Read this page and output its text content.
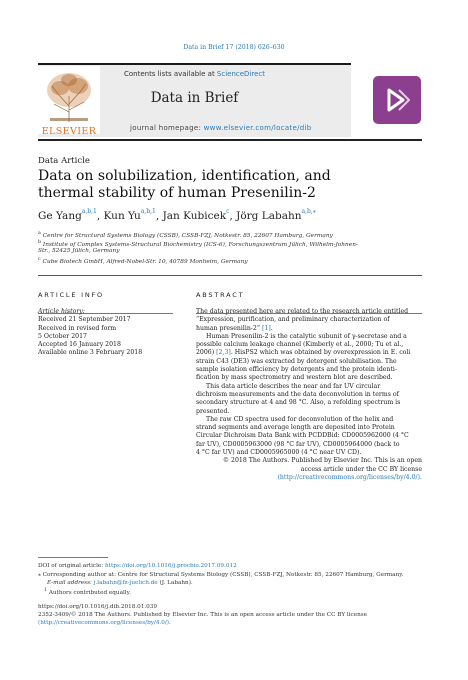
Data in Brief 17 (2018) 626–630
ELSEVIER
Contents lists available at ScienceDirect
Data in Brief
journal homepage: www.elsevier.com/locate/dib
Data Article
Data on solubilization, identification, and
thermal stability of human Presenilin-2
Ge Yang$^{a,b,1}$, Kun Yu$^{a,b,1}$, Jan Kubicek$^c$, Jörg Labahn$^{a,b,⁎}$
$^a$ Centre for Structural Systems Biology (CSSB), CSSB-FZJ, Notkestr. 85, 22607 Hamburg, Germany
$^b$ Institute of Complex Systems-Structural Biochemistry (ICS-6), Forschungszentrum Jülich, Wilhelm-Johnen-
Str., 52425 Jülich, Germany
$^c$ Cube Biotech GmbH, Alfred-Nobel-Str. 10, 40789 Monheim, Germany
ARTICLE INFO
Article history:
Received 21 September 2017
Received in revised form
5 October 2017
Accepted 16 January 2018
Available online 3 February 2018
ABSTRACT

The data presented here are related to the research article entitled

“Expression, purification, and preliminary characterization of

human presenilin-2” [1].

Human Presenilin-2 is the catalytic subunit of γ-secretase and a

possible calcium leakage channel (Kimberly et al., 2000; Tu et al.,

2006) [2,3]. HisPS2 which was obtained by overexpression in E. coli

strain C43 (DE3) was extracted by detergent solubilisation. The

sample isolation efficiency by detergents and the protein identi-

fication by mass spectrometry and western blot are described.

This data article describes the near and far UV circular

dichroism measurements and the data deconvolution in terms of

secondary structure at 4 and 98 °C. Also, a refolding spectrum is

presented.

The raw CD spectra used for deconvolution of the helix and

strand segments and average length are deposited into Protein

Circular Dichroism Data Bank with PCDDBid: CD0005962000 (4 °C

far UV), CD0005963000 (98 °C far UV), CD0005964000 (back to

4 °C far UV) and CD0005965000 (4 °C near UV CD).

© 2018 The Authors. Published by Elsevier Inc. This is an open

access article under the CC BY license

(http://creativecommons.org/licenses/by/4.0/).

DOI of original article: https://doi.org/10.1016/j.procbio.2017.09.012
⁎ Corresponding author at: Centre for Structural Systems Biology (CSSB), CSSB-FZJ, Notkestr. 85, 22607 Hamburg, Germany.
E-mail address: j.labahn@fz-juelich.de (J. Labahn).
$^1$ Authors contributed equally.
https://doi.org/10.1016/j.dib.2018.01.039
2352-3409/© 2018 The Authors. Published by Elsevier Inc. This is an open access article under the CC BY license
(http://creativecommons.org/licenses/by/4.0/).
